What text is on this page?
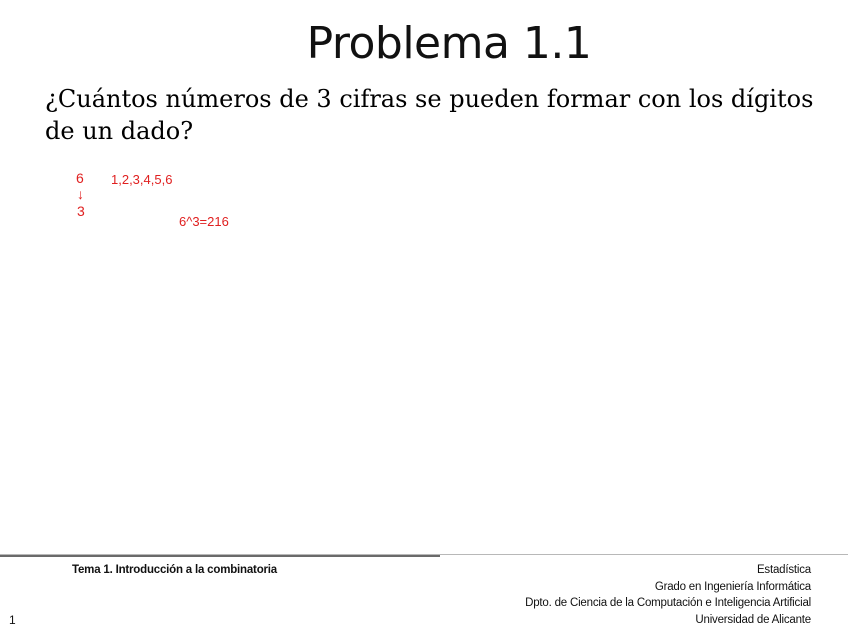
Problema 1.1
¿Cuántos números de 3 cifras se pueden formar con los dígitos de un dado?
6
↓
3
1,2,3,4,5,6
6^3=216
Tema 1. Introducción a la combinatoria	Estadística
Grado en Ingeniería Informática
Dpto. de Ciencia de la Computación e Inteligencia Artificial
Universidad de Alicante
1
